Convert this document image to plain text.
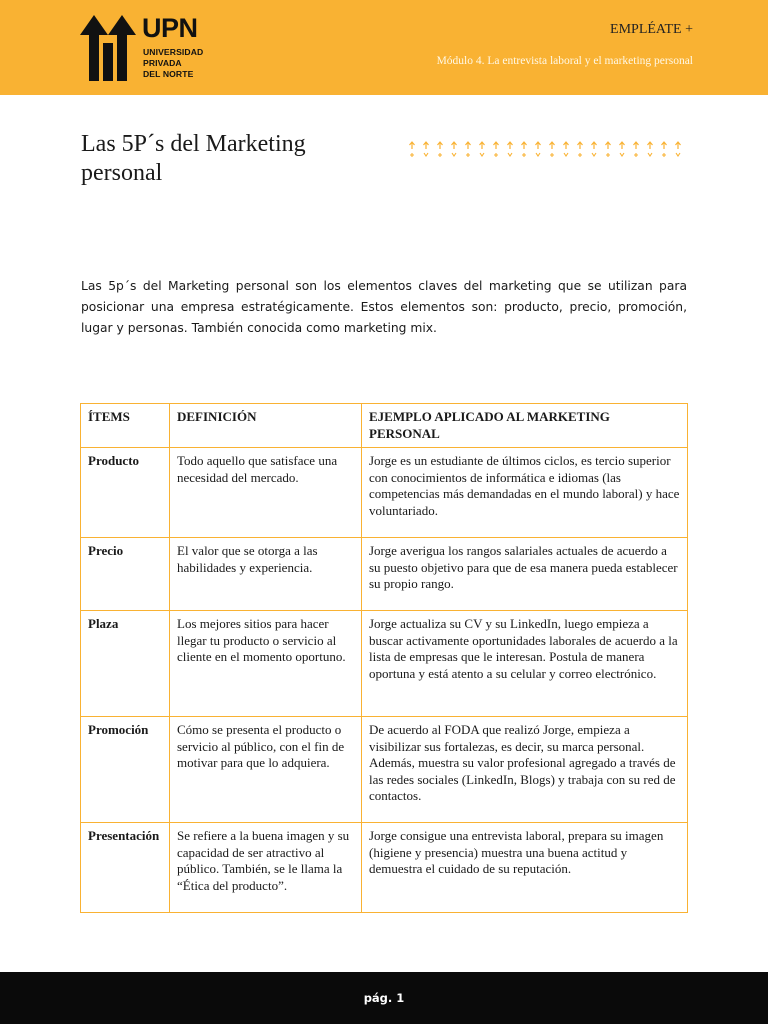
UPN
UNIVERSIDAD
PRIVADA
DEL NORTE
EMPLÉATE +
Módulo 4. La entrevista laboral y el marketing personal
Las 5P´s del Marketing personal

Las 5p´s del Marketing personal son los elementos claves del marketing que se utilizan para posicionar una empresa estratégicamente. Estos elementos son: producto, precio, promoción, lugar y personas. También conocida como marketing mix.

ÍTEMS	DEFINICIÓN	EJEMPLO APLICADO AL MARKETING PERSONAL
Producto	Todo aquello que satisface una necesidad del mercado.	Jorge es un estudiante de últimos ciclos, es tercio superior con conocimientos de informática e idiomas (las competencias más demandadas en el mundo laboral) y hace voluntariado.
Precio	El valor que se otorga a las habilidades y experiencia.	Jorge averigua los rangos salariales actuales de acuerdo a su puesto objetivo para que de esa manera pueda establecer su propio rango.
Plaza	Los mejores sitios para hacer llegar tu producto o servicio al cliente en el momento oportuno.	Jorge actualiza su CV y su LinkedIn, luego empieza a buscar activamente oportunidades laborales de acuerdo a la lista de empresas que le interesan. Postula de manera oportuna y está atento a su celular y correo electrónico.
Promoción	Cómo se presenta el producto o servicio al público, con el fin de motivar para que lo adquiera.	De acuerdo al FODA que realizó Jorge, empieza a visibilizar sus fortalezas, es decir, su marca personal. Además, muestra su valor profesional agregado a través de las redes sociales (LinkedIn, Blogs) y trabaja con su red de contactos.
Presentación	Se refiere a la buena imagen y su capacidad de ser atractivo al público. También, se le llama la “Ética del producto”.	Jorge consigue una entrevista laboral, prepara su imagen (higiene y presencia) muestra una buena actitud y demuestra el cuidado de su reputación.
pág. 1
